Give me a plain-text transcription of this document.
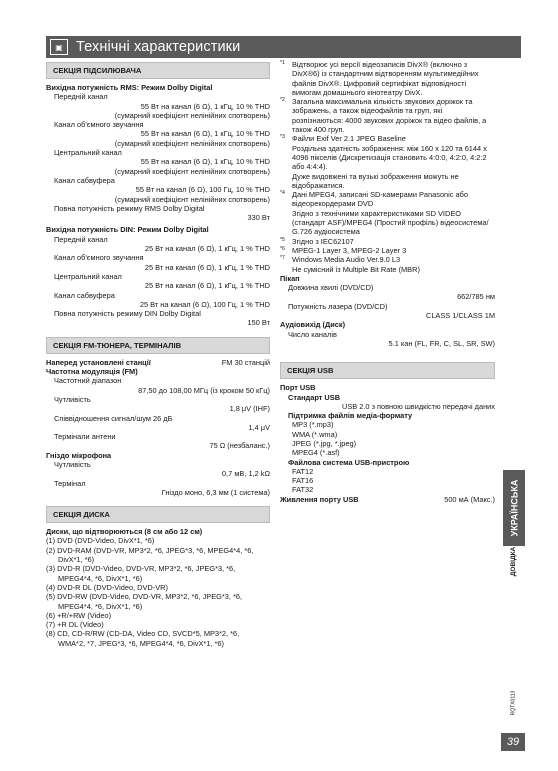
▣ Технічні характеристики
СЕКЦІЯ ПІДСИЛЮВАЧА
Вихідна потужність RMS: Режим Dolby Digital
Передній канал
55 Вт на канал (6 Ω), 1 кГц, 10 % THD
(сумарний коефіцієнт нелінійних спотворень)
Канал об'ємного звучання
55 Вт на канал (6 Ω), 1 кГц, 10 % THD
(сумарний коефіцієнт нелінійних спотворень)
Центральний канал
55 Вт на канал (6 Ω), 1 кГц, 10 % THD
(сумарний коефіцієнт нелінійних спотворень)
Канал сабвуфера
55 Вт на канал (6 Ω), 100 Гц, 10 % THD
(сумарний коефіцієнт нелінійних спотворень)
Повна потужність режиму RMS Dolby Digital
330 Вт
Вихідна потужність DIN: Режим Dolby Digital
Передній канал
25 Вт на канал (6 Ω), 1 кГц, 1 % THD
Канал об'ємного звучання
25 Вт на канал (6 Ω), 1 кГц, 1 % THD
Центральний канал
25 Вт на канал (6 Ω), 1 кГц, 1 % THD
Канал сабвуфера
25 Вт на канал (6 Ω), 100 Гц, 1 % THD
Повна потужність режиму DIN Dolby Digital
150 Вт
СЕКЦІЯ FM-ТЮНЕРА, ТЕРМІНАЛІВ
Наперед установлені станції	FM 30 станцій
Частотна модуляція (FM)
Частотний діапазон
87,50 до 108,00 МГц (із кроком 50 кГц)
Чутливість
1,8 μV (IHF)
Співвідношення сигнал/шум 26 дБ
1,4 μV
Термінали антени
75 Ω (незбаланс.)
Гніздо мікрофона
Чутливість
0,7 мВ, 1,2 kΩ
Термінал
Гніздо моно, 6,3 мм (1 система)
СЕКЦІЯ ДИСКА
Диски, що відтворюються (8 см або 12 см)
(1) DVD (DVD-Video, DivX*1, *6)
(2) DVD-RAM (DVD-VR, MP3*2, *6, JPEG*3, *6, MPEG4*4, *6,
DivX*1, *6)
(3) DVD-R (DVD-Video, DVD-VR, MP3*2, *6, JPEG*3, *6,
MPEG4*4, *6, DivX*1, *6)
(4) DVD-R DL (DVD-Video, DVD-VR)
(5) DVD-RW (DVD-Video, DVD-VR, MP3*2, *6, JPEG*3, *6,
MPEG4*4, *6, DivX*1, *6)
(6) +R/+RW (Video)
(7) +R DL (Video)
(8) CD, CD-R/RW (CD-DA, Video CD, SVCD*5, MP3*2, *6,
WMA*2, *7, JPEG*3, *6, MPEG4*4, *6, DivX*1, *6)
*1 Відтворює усі версії відеозаписів DivX® (включно з DivX®6) із стандартним відтворенням мультимедійних файлів DivX®. Цифровий сертифікат відповідності вимогам домашнього кінотеатру DivX.
*2 Загальна максимальна кількість звукових доріжок та зображень, а також відеофайлів та груп, які розпізнаються: 4000 звукових доріжок та відео файлів, а також 400 груп.
*3 Файли Exif Ver 2.1 JPEG Baseline
Роздільна здатність зображення: між 160 x 120 та 6144 x 4096 пікселів (Дискретизація становить 4:0:0, 4:2:0, 4:2:2 або 4:4:4).
Дуже видовжені та вузькі зображення можуть не відображатися.
*4 Дані MPEG4, записані SD-камерами Panasonic або відеорекордерами DVD
Згідно з технічними характеристиками SD VIDEO (стандарт ASF)/MPEG4 (Простий профіль) відеосистема/ G.726 аудіосистема
*5 Згідно з IEC62107
*6 MPEG-1 Layer 3, MPEG-2 Layer 3
*7 Windows Media Audio Ver.9.0 L3
Не сумісний із Multiple Bit Rate (MBR)
Пікап
Довжина хвилі (DVD/CD)
662/785 нм
Потужність лазера (DVD/CD)
CLASS 1/CLASS 1M
Аудіовихід (Диск)
Число каналів
5.1 кан (FL, FR, C, SL, SR, SW)
СЕКЦІЯ USB
Порт USB
Стандарт USB
USB 2.0 з повною швидкістю передачі даних
Підтримка файлів медіа-формату
MP3 (*.mp3)
WMA (*.wma)
JPEG (*.jpg, *.jpeg)
MPEG4 (*.asf)
Файлова система USB-пристрою
FAT12
FAT16
FAT32
Живлення порту USB	500 мА (Макс.) УКРАЇНСЬКА
ДОВІДКА
RQTX0113
39
